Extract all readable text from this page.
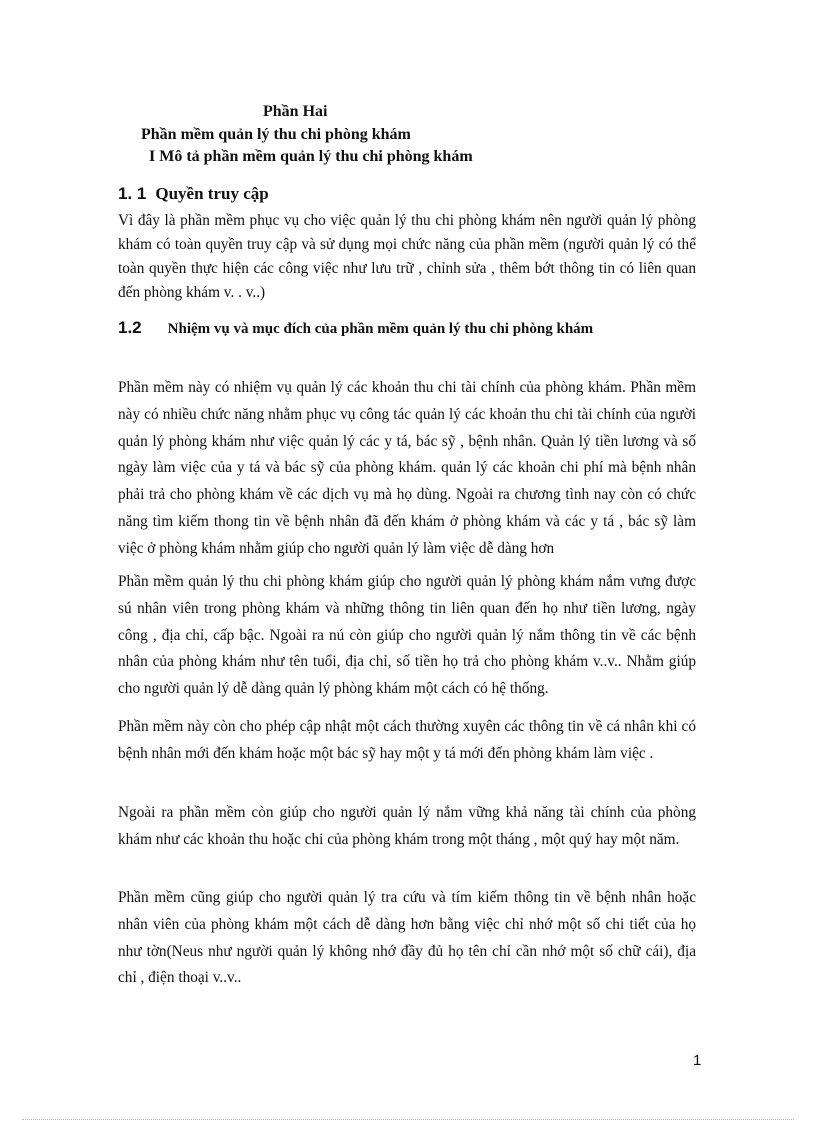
Phần Hai
Phần mềm quản lý thu chi phòng khám
I Mô tả phần mềm quản lý thu chi phòng khám
1. 1 Quyền truy cập

Vì đây là phần mềm phục vụ cho việc quản lý thu chi phòng khám nên người quản lý phòng khám có toàn quyền truy cập và sử dụng mọi chức năng của phần mềm (người quản lý có thể toàn quyền thực hiện các công việc như lưu trữ , chỉnh sửa , thêm bớt thông tin có liên quan đến phòng khám v. . v..)

1.2 Nhiệm vụ và mục đích của phần mềm quản lý thu chi phòng khám

Phần mềm này có nhiệm vụ quản lý các khoản thu chi tài chính của phòng khám. Phần mềm này có nhiều chức năng nhằm phục vụ công tác quản lý các khoản thu chi tài chính của người quản lý phòng khám như việc quản lý các y tá, bác sỹ , bệnh nhân. Quản lý tiền lương và số ngày làm việc của y tá và bác sỹ của phòng khám. quản lý các khoản chi phí mà bệnh nhân phải trả cho phòng khám về các dịch vụ mà họ dùng. Ngoài ra chương tình nay còn có chức năng tìm kiếm thong tin về bệnh nhân đã đến khám ở phòng khám và các y tá , bác sỹ làm việc ở phòng khám nhằm giúp cho người quản lý làm việc dễ dàng hơn

Phần mềm quản lý thu chi phòng khám giúp cho người quản lý phòng khám nắm vưng được sú nhân viên trong phòng khám và những thông tin liên quan đến họ như tiền lương, ngày công , địa chỉ, cấp bậc. Ngoài ra nú còn giúp cho người quản lý nắm thông tin về các bệnh nhân của phòng khám như tên tuổi, địa chỉ, số tiền họ trả cho phòng khám v..v.. Nhằm giúp cho người quản lý dễ dàng quản lý phòng khám một cách có hệ thống.

Phần mềm này còn cho phép cập nhật một cách thường xuyên các thông tin về cá nhân khi có bệnh nhân mới đến khám hoặc một bác sỹ hay một y tá mới đến phòng khám làm việc .

Ngoài ra phần mềm còn giúp cho người quản lý nắm vững khả năng tài chính của phòng khám như các khoản thu hoặc chi của phòng khám trong một tháng , một quý hay một năm.

Phần mềm cũng giúp cho người quản lý tra cứu và tím kiếm thông tin về bệnh nhân hoặc nhân viên của phòng khám một cách dễ dàng hơn bằng việc chỉ nhớ một số chi tiết của họ như tờn(Neus như người quản lý không nhớ đầy đủ họ tên chỉ cần nhớ một số chữ cái), địa chỉ , điện thoại v..v..

1
